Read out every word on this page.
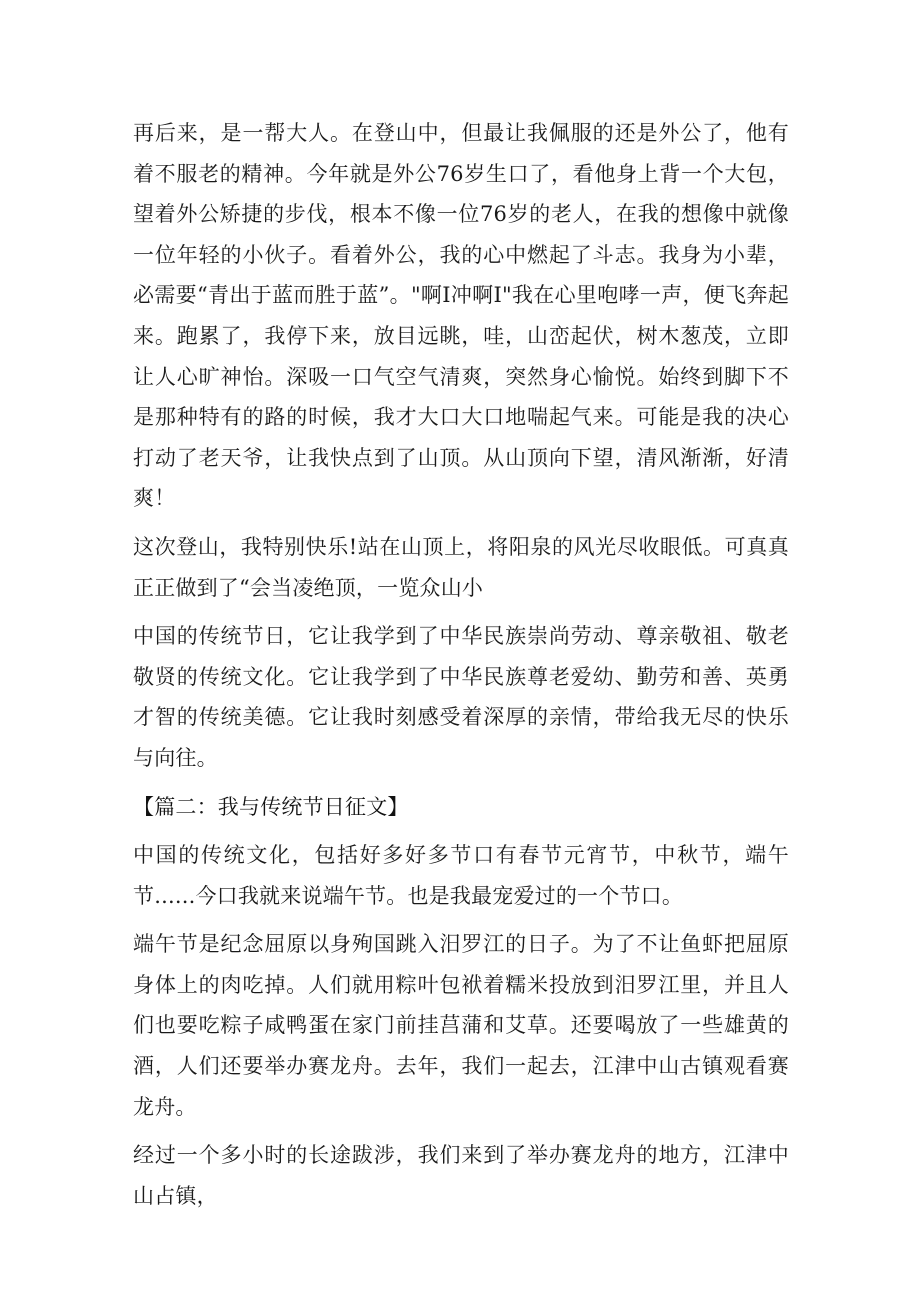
再后来，是一帮大人。在登山中，但最让我佩服的还是外公了，他有着不服老的精神。今年就是外公76岁生口了，看他身上背一个大包，望着外公矫捷的步伐，根本不像一位76岁的老人，在我的想像中就像一位年轻的小伙子。看着外公，我的心中燃起了斗志。我身为小辈，必需要“青出于蓝而胜于蓝”。"啊I冲啊I"我在心里咆哮一声，便飞奔起来。跑累了，我停下来，放目远眺，哇，山峦起伏，树木葱茂，立即让人心旷神怡。深吸一口气空气清爽，突然身心愉悦。始终到脚下不是那种特有的路的时候，我才大口大口地喘起气来。可能是我的决心打动了老天爷，让我快点到了山顶。从山顶向下望，清风渐渐，好清爽！

这次登山，我特别快乐!站在山顶上，将阳泉的风光尽收眼低。可真真正正做到了“会当凌绝顶，一览众山小

中国的传统节日，它让我学到了中华民族崇尚劳动、尊亲敬祖、敬老敬贤的传统文化。它让我学到了中华民族尊老爱幼、勤劳和善、英勇才智的传统美德。它让我时刻感受着深厚的亲情，带给我无尽的快乐与向往。

【篇二：我与传统节日征文】

中国的传统文化，包括好多好多节口有春节元宵节，中秋节，端午节......今口我就来说端午节。也是我最宠爱过的一个节口。

端午节是纪念屈原以身殉国跳入汨罗江的日子。为了不让鱼虾把屈原身体上的肉吃掉。人们就用粽叶包袱着糯米投放到汨罗江里，并且人们也要吃粽子咸鸭蛋在家门前挂莒蒲和艾草。还要喝放了一些雄黄的酒，人们还要举办赛龙舟。去年，我们一起去，江津中山古镇观看赛龙舟。

经过一个多小时的长途跋涉，我们来到了举办赛龙舟的地方，江津中山占镇，
